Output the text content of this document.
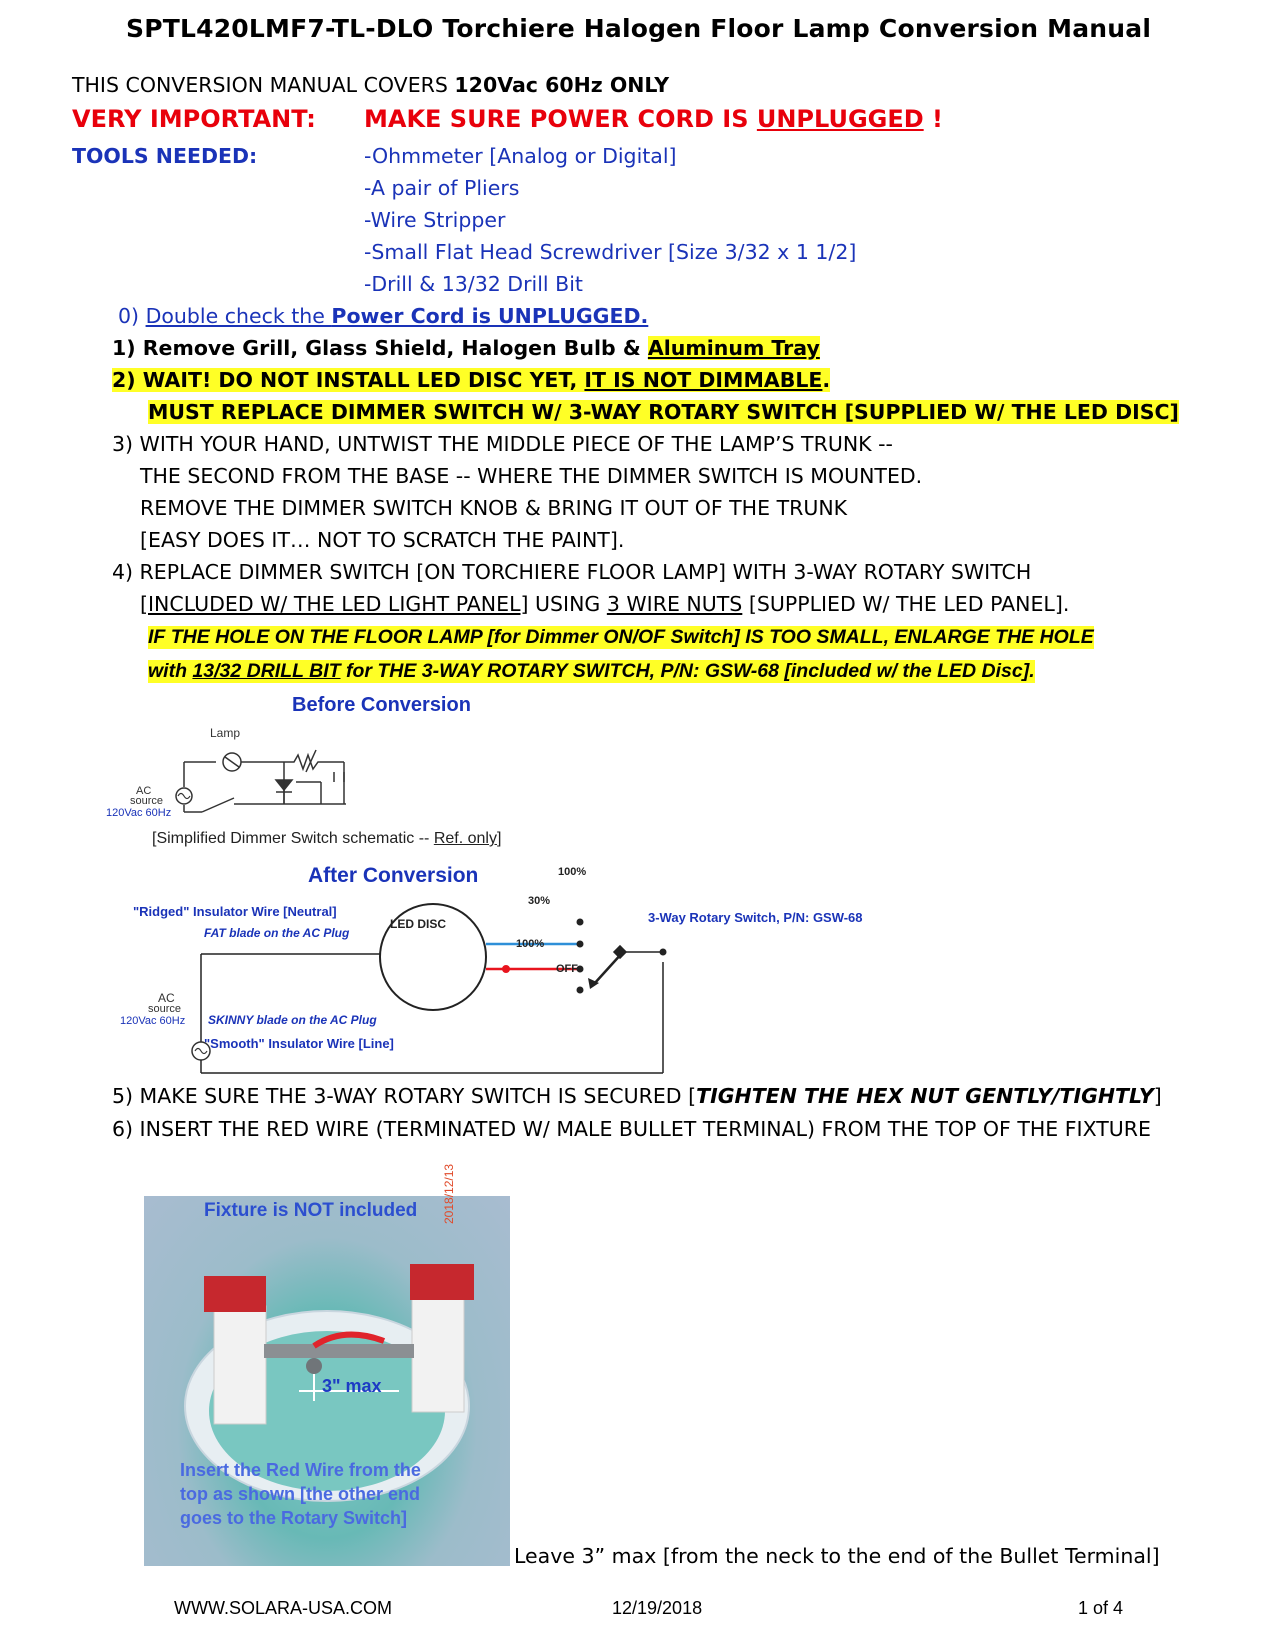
SPTL420LMF7-TL-DLO Torchiere Halogen Floor Lamp Conversion Manual
THIS CONVERSION MANUAL COVERS 120Vac 60Hz ONLY
VERY IMPORTANT: MAKE SURE POWER CORD IS UNPLUGGED !
TOOLS NEEDED:	-Ohmmeter [Analog or Digital]
-A pair of Pliers
-Wire Stripper
-Small Flat Head Screwdriver [Size 3/32 x 1 1/2]
-Drill & 13/32 Drill Bit
0) Double check the Power Cord is UNPLUGGED.
1) Remove Grill, Glass Shield, Halogen Bulb & Aluminum Tray
2) WAIT! DO NOT INSTALL LED DISC YET, IT IS NOT DIMMABLE.
MUST REPLACE DIMMER SWITCH W/ 3-WAY ROTARY SWITCH [SUPPLIED W/ THE LED DISC]
3) WITH YOUR HAND, UNTWIST THE MIDDLE PIECE OF THE LAMP’S TRUNK --
THE SECOND FROM THE BASE -- WHERE THE DIMMER SWITCH IS MOUNTED.
REMOVE THE DIMMER SWITCH KNOB & BRING IT OUT OF THE TRUNK
[EASY DOES IT… NOT TO SCRATCH THE PAINT].
4) REPLACE DIMMER SWITCH [ON TORCHIERE FLOOR LAMP] WITH 3-WAY ROTARY SWITCH
[INCLUDED W/ THE LED LIGHT PANEL] USING 3 WIRE NUTS [SUPPLIED W/ THE LED PANEL].
IF THE HOLE ON THE FLOOR LAMP [for Dimmer ON/OF Switch] IS TOO SMALL, ENLARGE THE HOLE
with 13/32 DRILL BIT for THE 3-WAY ROTARY SWITCH, P/N: GSW-68 [included w/ the LED Disc].
Before Conversion
Lamp
AC
source
120Vac 60Hz
[Simplified Dimmer Switch schematic -- Ref. only]
After Conversion
"Ridged" Insulator Wire [Neutral]
FAT blade on the AC Plug
LED DISC
100%
30%
100%
OFF
3-Way Rotary Switch, P/N: GSW-68
AC
source
120Vac 60Hz SKINNY blade on the AC Plug
"Smooth" Insulator Wire [Line]
5) MAKE SURE THE 3-WAY ROTARY SWITCH IS SECURED [TIGHTEN THE HEX NUT GENTLY/TIGHTLY]
6) INSERT THE RED WIRE (TERMINATED W/ MALE BULLET TERMINAL) FROM THE TOP OF THE FIXTURE
Fixture is NOT included 2018/12/13
3" max
Insert the Red Wire from the
top as shown [the other end
goes to the Rotary Switch]
Leave 3” max [from the neck to the end of the Bullet Terminal]
WWW.SOLARA-USA.COM	12/19/2018	1 of 4
